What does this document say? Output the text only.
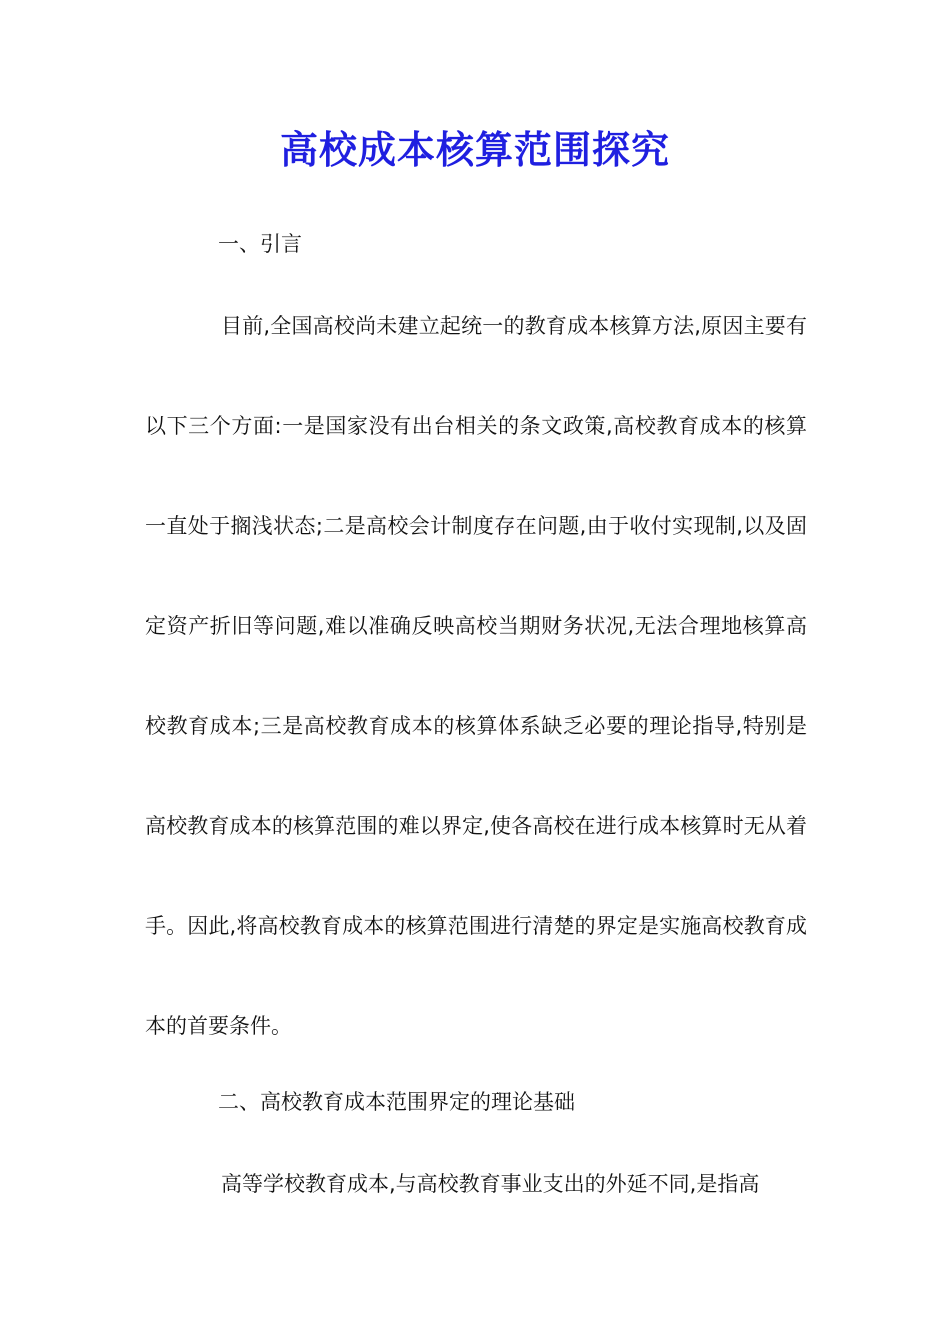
高校成本核算范围探究
一、引言

目前,全国高校尚未建立起统一的教育成本核算方法,原因主要有以下三个方面:一是国家没有出台相关的条文政策,高校教育成本的核算一直处于搁浅状态;二是高校会计制度存在问题,由于收付实现制,以及固定资产折旧等问题,难以准确反映高校当期财务状况,无法合理地核算高校教育成本;三是高校教育成本的核算体系缺乏必要的理论指导,特别是高校教育成本的核算范围的难以界定,使各高校在进行成本核算时无从着手。因此,将高校教育成本的核算范围进行清楚的界定是实施高校教育成本的首要条件。

二、高校教育成本范围界定的理论基础

高等学校教育成本,与高校教育事业支出的外延不同,是指高
